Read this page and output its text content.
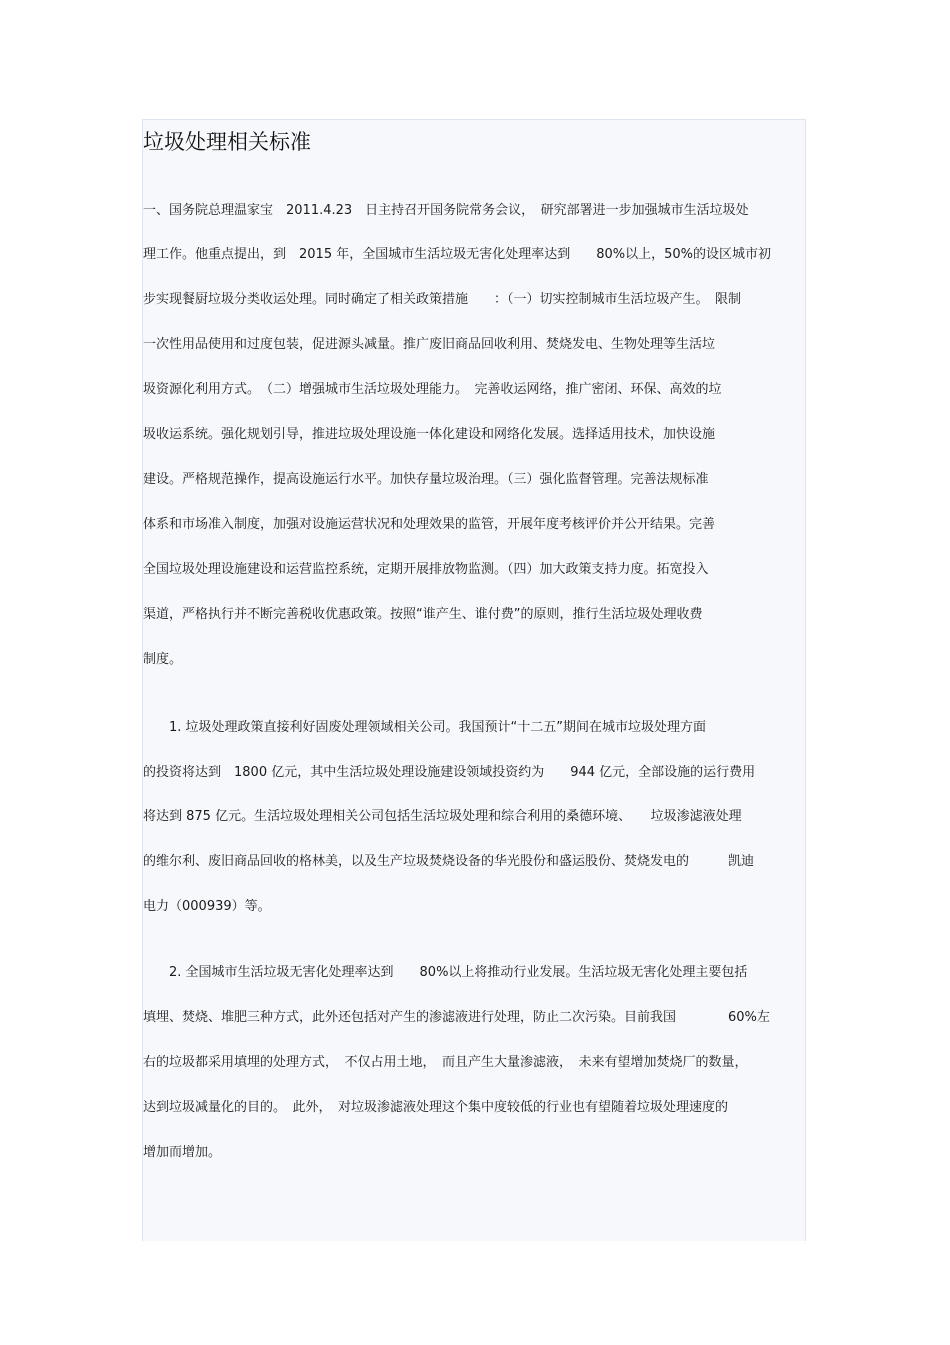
垃圾处理相关标准
一、国务院总理温家宝　2011.4.23　日主持召开国务院常务会议，　研究部署进一步加强城市生活垃圾处
理工作。他重点提出，到　2015 年，全国城市生活垃圾无害化处理率达到　　80%以上，50%的设区城市初
步实现餐厨垃圾分类收运处理。同时确定了相关政策措施　　：（一）切实控制城市生活垃圾产生。　限制
一次性用品使用和过度包装，促进源头减量。推广废旧商品回收利用、焚烧发电、生物处理等生活垃
圾资源化利用方式。　（二）增强城市生活垃圾处理能力。　完善收运网络，推广密闭、环保、高效的垃
圾收运系统。强化规划引导，推进垃圾处理设施一体化建设和网络化发展。选择适用技术，加快设施
建设。严格规范操作，提高设施运行水平。加快存量垃圾治理。（三）强化监督管理。完善法规标准
体系和市场准入制度，加强对设施运营状况和处理效果的监管，开展年度考核评价并公开结果。完善
全国垃圾处理设施建设和运营监控系统，定期开展排放物监测。（四）加大政策支持力度。拓宽投入
渠道，严格执行并不断完善税收优惠政策。按照“谁产生、谁付费”的原则，推行生活垃圾处理收费
制度。
　　1. 垃圾处理政策直接利好固废处理领域相关公司。我国预计“十二五”期间在城市垃圾处理方面
的投资将达到　1800 亿元，其中生活垃圾处理设施建设领域投资约为　　944 亿元，全部设施的运行费用
将达到 875 亿元。生活垃圾处理相关公司包括生活垃圾处理和综合利用的桑德环境、　　垃圾渗滤液处理
的维尔利、废旧商品回收的格林美，以及生产垃圾焚烧设备的华光股份和盛运股份、焚烧发电的　　　凯迪
电力（000939）等。
　　2. 全国城市生活垃圾无害化处理率达到　　80%以上将推动行业发展。生活垃圾无害化处理主要包括
填埋、焚烧、堆肥三种方式，此外还包括对产生的渗滤液进行处理，防止二次污染。目前我国　　　　60%左
右的垃圾都采用填埋的处理方式，　不仅占用土地，　而且产生大量渗滤液，　未来有望增加焚烧厂的数量，
达到垃圾减量化的目的。　此外，　对垃圾渗滤液处理这个集中度较低的行业也有望随着垃圾处理速度的
增加而增加。
